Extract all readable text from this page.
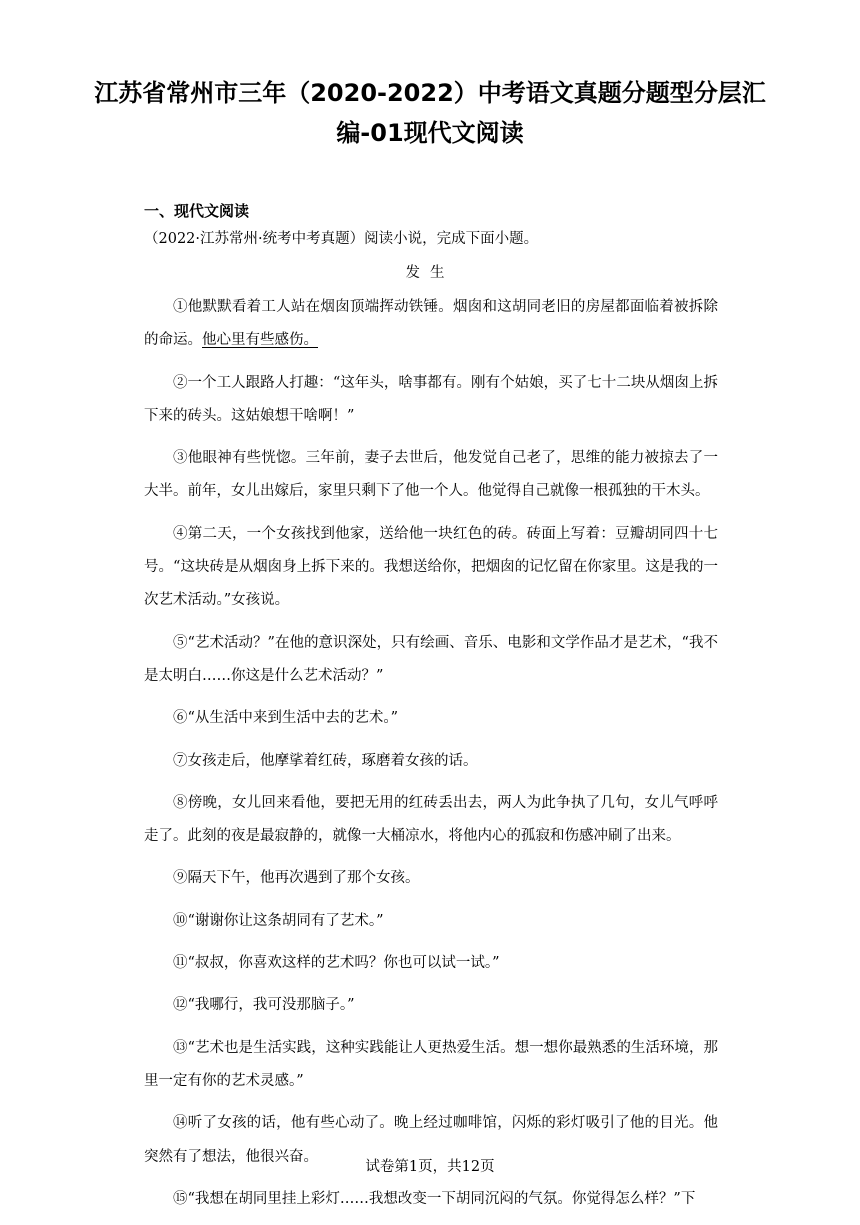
江苏省常州市三年（2020-2022）中考语文真题分题型分层汇
编-01现代文阅读
一、现代文阅读
（2022·江苏常州·统考中考真题）阅读小说，完成下面小题。
发生

①他默默看着工人站在烟囱顶端挥动铁锤。烟囱和这胡同老旧的房屋都面临着被拆除的命运。他心里有些感伤。

②一个工人跟路人打趣：“这年头，啥事都有。刚有个姑娘，买了七十二块从烟囱上拆下来的砖头。这姑娘想干啥啊！”

③他眼神有些恍惚。三年前，妻子去世后，他发觉自己老了，思维的能力被掠去了一大半。前年，女儿出嫁后，家里只剩下了他一个人。他觉得自己就像一根孤独的干木头。

④第二天，一个女孩找到他家，送给他一块红色的砖。砖面上写着：豆瓣胡同四十七号。“这块砖是从烟囱身上拆下来的。我想送给你，把烟囱的记忆留在你家里。这是我的一次艺术活动。”女孩说。

⑤“艺术活动？”在他的意识深处，只有绘画、音乐、电影和文学作品才是艺术，“我不是太明白……你这是什么艺术活动？”

⑥“从生活中来到生活中去的艺术。”

⑦女孩走后，他摩挲着红砖，琢磨着女孩的话。

⑧傍晚，女儿回来看他，要把无用的红砖丢出去，两人为此争执了几句，女儿气呼呼走了。此刻的夜是最寂静的，就像一大桶凉水，将他内心的孤寂和伤感冲刷了出来。

⑨隔天下午，他再次遇到了那个女孩。

⑩“谢谢你让这条胡同有了艺术。”

⑪“叔叔，你喜欢这样的艺术吗？你也可以试一试。”

⑫“我哪行，我可没那脑子。”

⑬“艺术也是生活实践，这种实践能让人更热爱生活。想一想你最熟悉的生活环境，那里一定有你的艺术灵感。”

⑭听了女孩的话，他有些心动了。晚上经过咖啡馆，闪烁的彩灯吸引了他的目光。他突然有了想法，他很兴奋。

⑮“我想在胡同里挂上彩灯……我想改变一下胡同沉闷的气氛。你觉得怎么样？”下

试卷第1页，共12页
